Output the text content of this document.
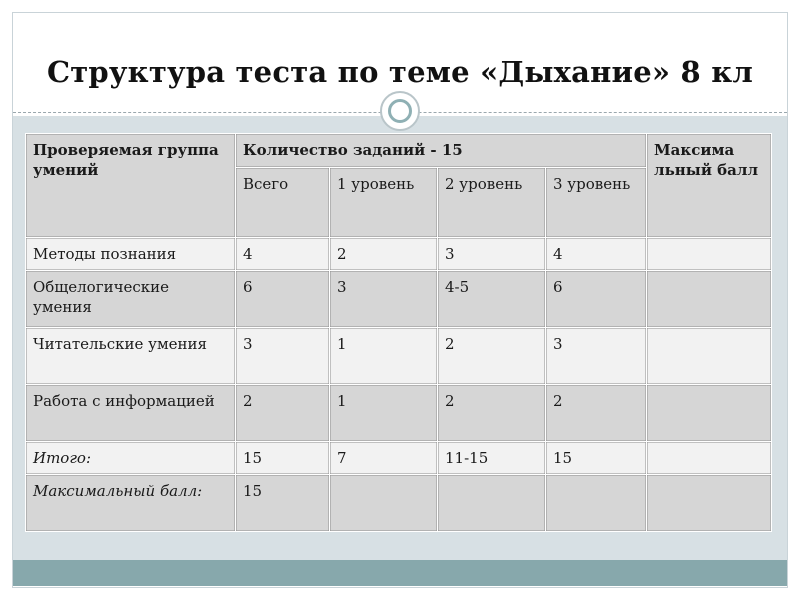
Структура теста по теме «Дыхание» 8 кл
Проверяемая группа умений	Количество заданий - 15				Максима льный балл
	Всего	1 уровень	2 уровень	3 уровень	
Методы познания	4	2	3	4	
Общелогические умения	6	3	4-5	6	
Читательские умения	3	1	2	3	
Работа с информацией	2	1	2	2	
Итого:	15	7	11-15	15	
Максимальный балл:	15				
